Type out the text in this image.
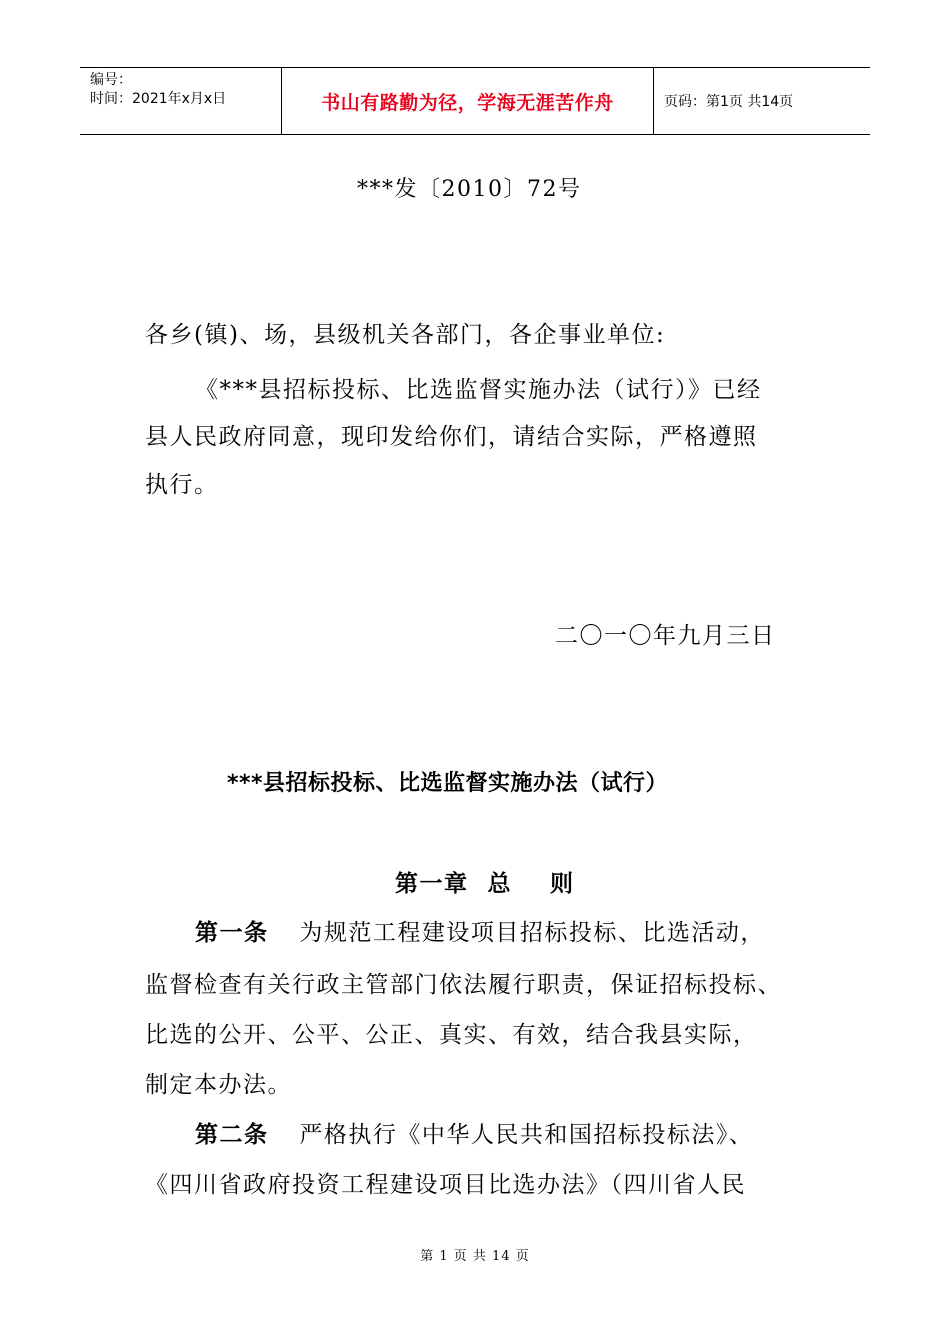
编号：
时间：2021年x月x日	书山有路勤为径，学海无涯苦作舟	页码：第1页 共14页
***发〔2010〕72号
各乡(镇)、场，县级机关各部门，各企事业单位:
《***县招标投标、比选监督实施办法（试行）》已经
县人民政府同意，现印发给你们，请结合实际，严格遵照
执行。
二〇一〇年九月三日
***县招标投标、比选监督实施办法（试行）
第一章  总    则
第一条 为规范工程建设项目招标投标、比选活动，
监督检查有关行政主管部门依法履行职责，保证招标投标、
比选的公开、公平、公正、真实、有效，结合我县实际，
制定本办法。
第二条 严格执行《中华人民共和国招标投标法》、
《四川省政府投资工程建设项目比选办法》（四川省人民
第 1 页 共 14 页
